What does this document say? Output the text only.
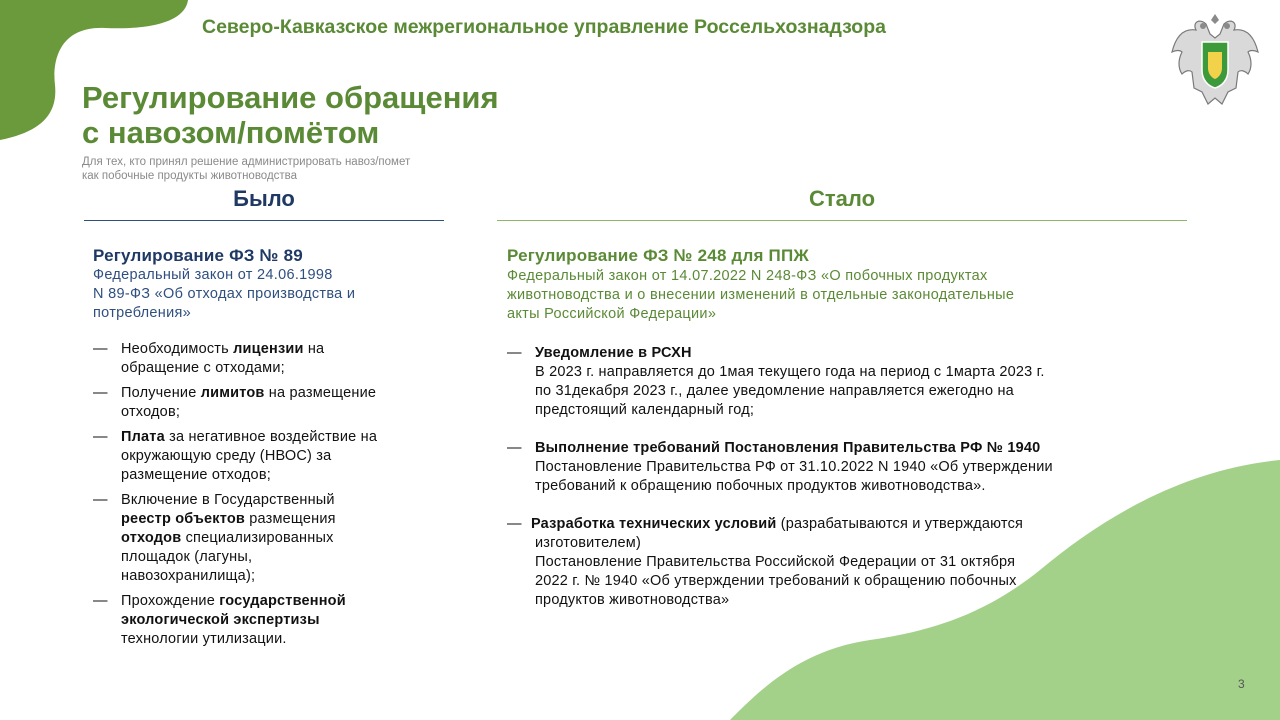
Северо-Кавказское межрегиональное управление Россельхознадзора
Регулирование обращения
с навозом/помётом
Для тех, кто принял решение администрировать навоз/помет
как побочные продукты животноводства
Было	Стало
Регулирование ФЗ № 89
Федеральный закон от 24.06.1998
N 89-ФЗ «Об отходах производства и
потребления»
— Необходимость лицензии на
обращение с отходами;
— Получение лимитов на размещение
отходов;
— Плата за негативное воздействие на
окружающую среду (НВОС) за
размещение отходов;
— Включение в Государственный
реестр объектов размещения
отходов специализированных
площадок (лагуны,
навозохранилища);
— Прохождение государственной
экологической экспертизы
технологии утилизации.
Регулирование ФЗ № 248 для ППЖ
Федеральный закон от 14.07.2022 N 248-ФЗ «О побочных продуктах
животноводства и о внесении изменений в отдельные законодательные
акты Российской Федерации»
— Уведомление в РСХН
В 2023 г. направляется до 1мая текущего года на период с 1марта 2023 г.
по 31декабря 2023 г., далее уведомление направляется ежегодно на
предстоящий календарный год;
— Выполнение требований Постановления Правительства РФ № 1940
Постановление Правительства РФ от 31.10.2022 N 1940 «Об утверждении
требований к обращению побочных продуктов животноводства».
— Разработка технических условий (разрабатываются и утверждаются
изготовителем)
Постановление Правительства Российской Федерации от 31 октября
2022 г. № 1940 «Об утверждении требований к обращению побочных
продуктов животноводства»
3
